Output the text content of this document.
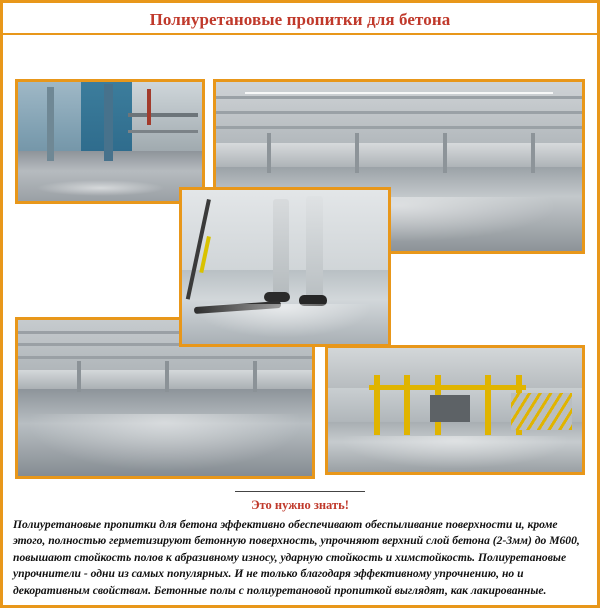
Полиуретановые пропитки для бетона
Это нужно знать!
Полиуретановые пропитки для бетона эффективно обеспечивают обеспыливание поверхности и, кроме этого, полностью герметизируют бетонную поверхность, упрочняют верхний слой бетона (2-3мм) до М600, повышают стойкость полов к абразивному износу, ударную стойкость и химстойкость. Полиуретановые упрочнители - одни из самых популярных. И не только благодаря эффективному упрочнению, но и декоративным свойствам. Бетонные полы с полиуретановой пропиткой выглядят, как лакированные.
